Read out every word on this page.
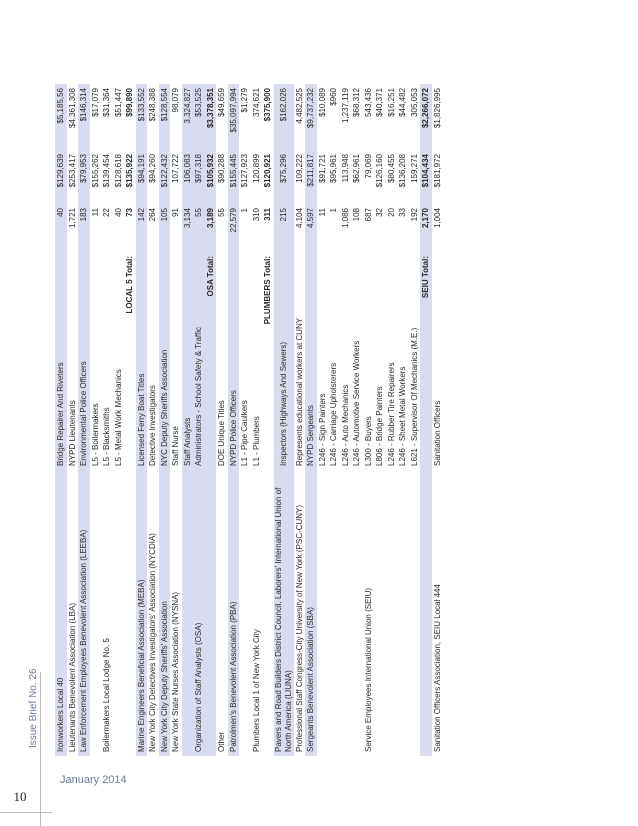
10
January 2014
Issue Brief No. 26 Ironworkers Local 40	Bridge Repairer And Riveters	40	$129,639	$5,185,56
Lieutenants Benevolent Association (LBA)	NYPD Lieutenants	1,721	$253,417	$4,361,308
Law Enforcement Employees Benevolent Association (LEEBA)	Environmental Police Officers	183	$79,953	$146,314
	L5 - Boilermakers	11	$155,262	$17,079
Boilermakers Local Lodge No. 5	L5 - Blacksmiths	22	$139,454	$31,364
	L5 - Metal Work Mechanics	40	$128,618	$51,447
	LOCAL 5 Total:	73	$135,922	$99,890
Marine Engineers Beneficial Association (MEBA)	Licensed Ferry Boat Titles	142	$94,191	$133,552
New York City Detectives Investigators' Association (NYCDIA)	Detective Investigators	264	$94,260	$248,388
New York City Deputy Sheriffs' Association	NYC Deputy Sheriffs Association	105	$122,432	$128,554
New York State Nurses Association (NYSNA)	Staff Nurse	91	107,722	98,079
	Staff Analysts	3,134	106,083	3,324,827
Organization of Staff Analysts (OSA)	Administrators - School Safety & Traffic	55	$97,318	$53,525
	OSA Total:	3,189	$105,932	$3,378,351
Other	DOE Unique Titles	55	$90,288	$49,659
Patrolmen's Benevolent Association (PBA)	NYPD Police Officers	22,579	$155,445	$35,097,994
	L1 - Pipe Caulkers	1	$127,923	$1,279
Plumbers Local 1 of New York City	L1 - Plumbers	310	120,899	374,621
	PLUMBERS Total:	311	$120,921	$375,900
Pavers and Road Builders District Council, Laborers' International Union of North America (LIUNA)	Inspectors (Highways And Sewers)	215	$75,296	$162,026
Professional Staff Congress-City University of New York (PSC-CUNY)	Represents educational workers at CUNY	4,104	109,222	4,482,525
Sergeants Benevolent Association (SBA)	NYPD Sergeants	4,597	$211,817	$9,737,232
	L246 - Sign Painters	11	$91,721	$10,089
	L246 - Carriage Upholsterers	1	$95,961	$960
	L246 - Auto Mechanics	1,086	113,948	1,237,119
	L246 - Automotive Service Workers	108	$62,961	$68,312
Service Employees International Union (SEIU)	L300 - Buyers	687	79,069	543,436
	L806 - Bridge Painters	32	$126,160	$40,371
	L246 - Rubber Tire Repairers	20	$80,455	$16,251
	L246 - Sheet Metal Workers	33	$136,208	$44,482
	L621 - Supervisor Of Mechanics (M.E.)	192	159,271	305,053
	SEIU Total:	2,170	$104,434	$2,266,072
Sanitation Officers Association, SEIU Local 444	Sanitation Officers	1,004	$181,972	$1,826,995
